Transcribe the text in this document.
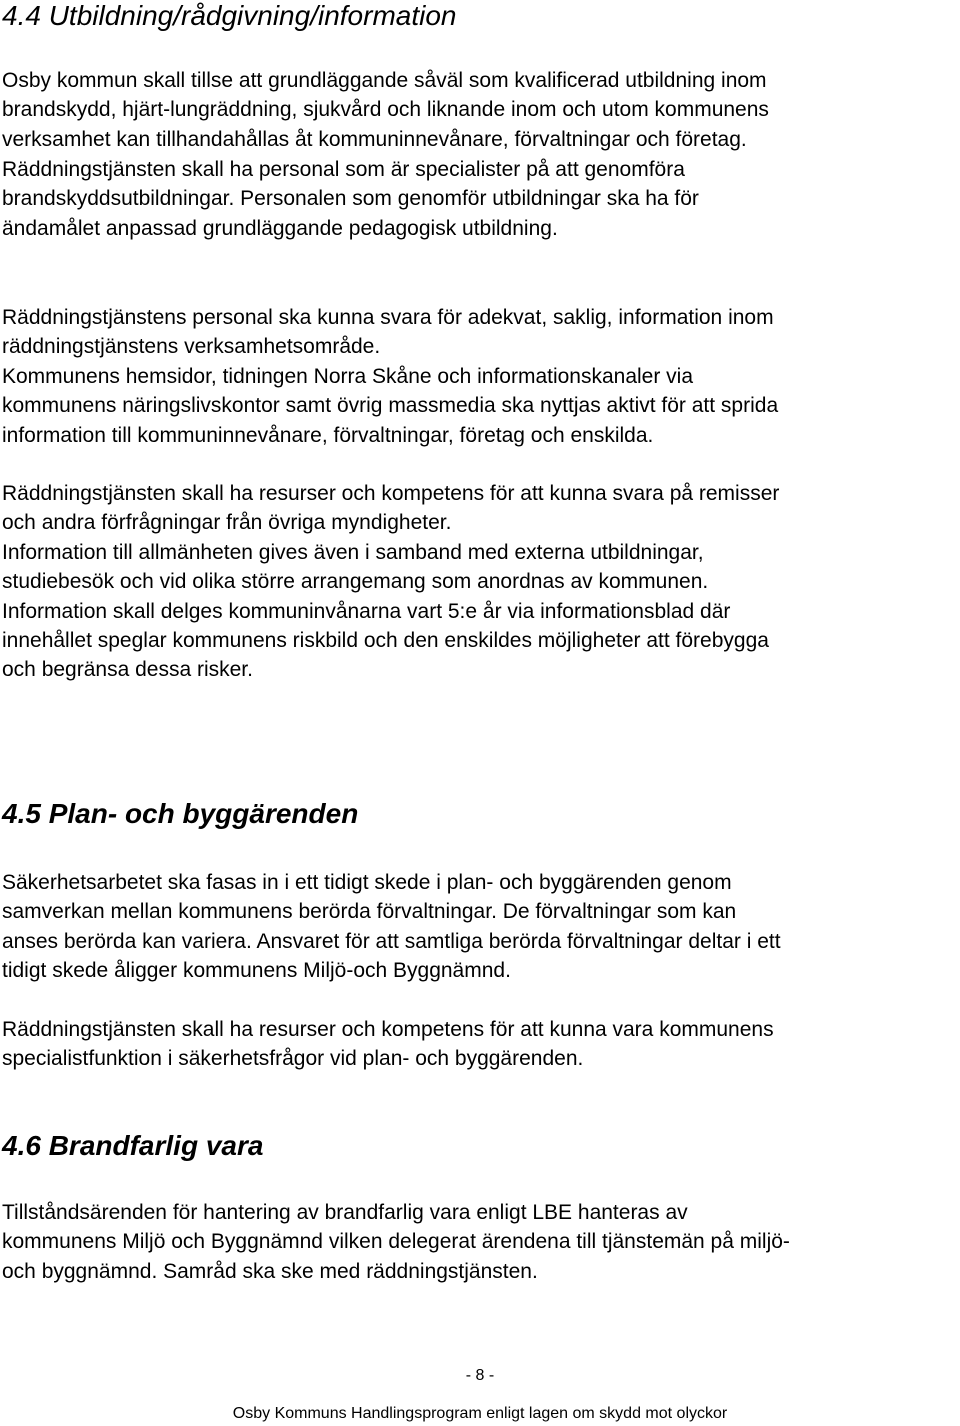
4.4 Utbildning/rådgivning/information

Osby kommun skall tillse att grundläggande såväl som kvalificerad utbildning inom
brandskydd, hjärt-lungräddning, sjukvård och liknande inom och utom kommunens
verksamhet kan tillhandahållas åt kommuninnevånare, förvaltningar och företag.

Räddningstjänsten skall ha personal som är specialister på att genomföra
brandskyddsutbildningar. Personalen som genomför utbildningar ska ha för
ändamålet anpassad grundläggande pedagogisk utbildning.

Räddningstjänstens personal ska kunna svara för adekvat, saklig, information inom
räddningstjänstens verksamhetsområde.
Kommunens hemsidor, tidningen Norra Skåne och informationskanaler via
kommunens näringslivskontor samt övrig massmedia ska nyttjas aktivt för att sprida
information till kommuninnevånare, förvaltningar, företag och enskilda.

Räddningstjänsten skall ha resurser och kompetens för att kunna svara på remisser
och andra förfrågningar från övriga myndigheter.
Information till allmänheten gives även i samband med externa utbildningar,
studiebesök och vid olika större arrangemang som anordnas av kommunen.
Information skall delges kommuninvånarna vart 5:e år via informationsblad där
innehållet speglar kommunens riskbild och den enskildes möjligheter att förebygga
och begränsa dessa risker.

4.5 Plan- och byggärenden

Säkerhetsarbetet ska fasas in i ett tidigt skede i plan- och byggärenden genom
samverkan mellan kommunens berörda förvaltningar. De förvaltningar som kan
anses berörda kan variera. Ansvaret för att samtliga berörda förvaltningar deltar i ett
tidigt skede åligger kommunens Miljö-och Byggnämnd.

Räddningstjänsten skall ha resurser och kompetens för att kunna vara kommunens
specialistfunktion i säkerhetsfrågor vid plan- och byggärenden.

4.6 Brandfarlig vara

Tillståndsärenden för hantering av brandfarlig vara enligt LBE hanteras av
kommunens Miljö och Byggnämnd vilken delegerat ärendena till tjänstemän på miljö-
och byggnämnd. Samråd ska ske med räddningstjänsten.

- 8 -
Osby Kommuns Handlingsprogram enligt lagen om skydd mot olyckor
